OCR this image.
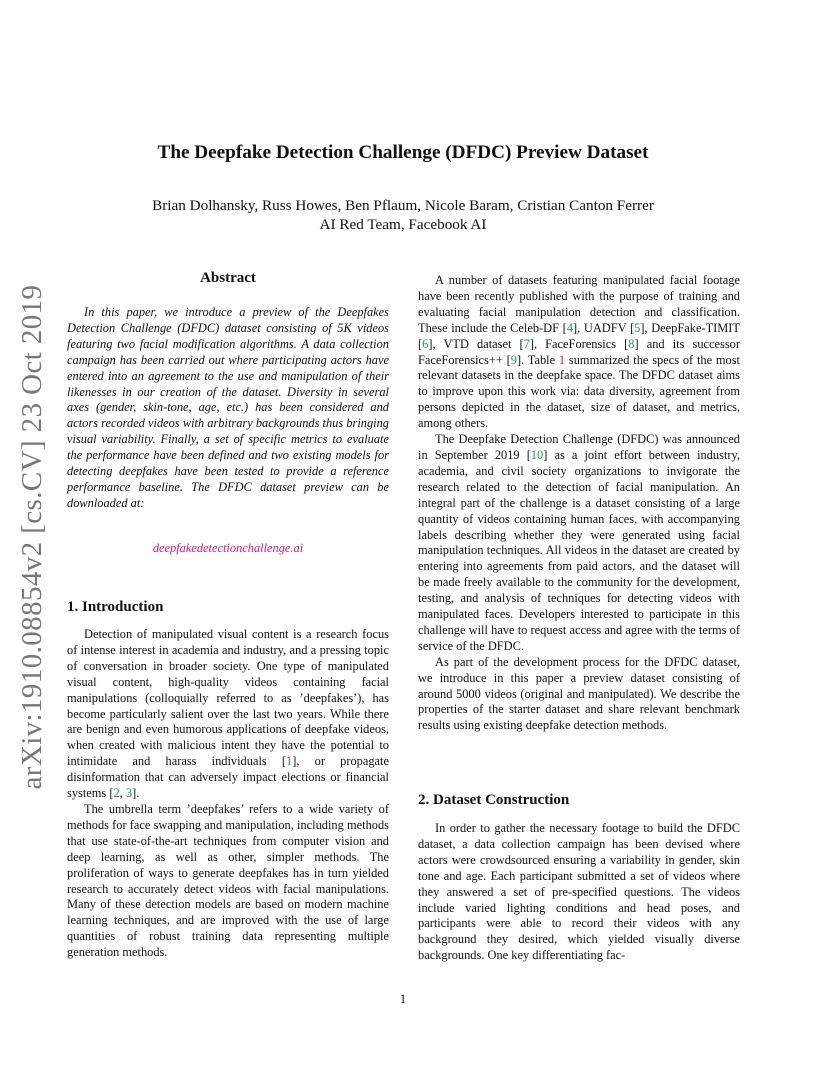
arXiv:1910.08854v2 [cs.CV] 23 Oct 2019
The Deepfake Detection Challenge (DFDC) Preview Dataset
Brian Dolhansky, Russ Howes, Ben Pflaum, Nicole Baram, Cristian Canton Ferrer
AI Red Team, Facebook AI
Abstract

In this paper, we introduce a preview of the Deepfakes Detection Challenge (DFDC) dataset consisting of 5K videos featuring two facial modification algorithms. A data collection campaign has been carried out where participating actors have entered into an agreement to the use and manipulation of their likenesses in our creation of the dataset. Diversity in several axes (gender, skin-tone, age, etc.) has been considered and actors recorded videos with arbitrary backgrounds thus bringing visual variability. Finally, a set of specific metrics to evaluate the performance have been defined and two existing models for detecting deepfakes have been tested to provide a reference performance baseline. The DFDC dataset preview can be downloaded at:

deepfakedetectionchallenge.ai
1. Introduction

Detection of manipulated visual content is a research focus of intense interest in academia and industry, and a pressing topic of conversation in broader society. One type of manipulated visual content, high-quality videos containing facial manipulations (colloquially referred to as ’deepfakes’), has become particularly salient over the last two years. While there are benign and even humorous applications of deepfake videos, when created with malicious intent they have the potential to intimidate and harass individuals [1], or propagate disinformation that can adversely impact elections or financial systems [2, 3].

The umbrella term ’deepfakes’ refers to a wide variety of methods for face swapping and manipulation, including methods that use state-of-the-art techniques from computer vision and deep learning, as well as other, simpler methods. The proliferation of ways to generate deepfakes has in turn yielded research to accurately detect videos with facial manipulations. Many of these detection models are based on modern machine learning techniques, and are improved with the use of large quantities of robust training data representing multiple generation methods.

A number of datasets featuring manipulated facial footage have been recently published with the purpose of training and evaluating facial manipulation detection and classification. These include the Celeb-DF [4], UADFV [5], DeepFake-TIMIT [6], VTD dataset [7], FaceForensics [8] and its successor FaceForensics++ [9]. Table 1 summarized the specs of the most relevant datasets in the deepfake space. The DFDC dataset aims to improve upon this work via: data diversity, agreement from persons depicted in the dataset, size of dataset, and metrics, among others.

The Deepfake Detection Challenge (DFDC) was announced in September 2019 [10] as a joint effort between industry, academia, and civil society organizations to invigorate the research related to the detection of facial manipulation. An integral part of the challenge is a dataset consisting of a large quantity of videos containing human faces, with accompanying labels describing whether they were generated using facial manipulation techniques. All videos in the dataset are created by entering into agreements from paid actors, and the dataset will be made freely available to the community for the development, testing, and analysis of techniques for detecting videos with manipulated faces. Developers interested to participate in this challenge will have to request access and agree with the terms of service of the DFDC.

As part of the development process for the DFDC dataset, we introduce in this paper a preview dataset consisting of around 5000 videos (original and manipulated). We describe the properties of the starter dataset and share relevant benchmark results using existing deepfake detection methods.

2. Dataset Construction

In order to gather the necessary footage to build the DFDC dataset, a data collection campaign has been devised where actors were crowdsourced ensuring a variability in gender, skin tone and age. Each participant submitted a set of videos where they answered a set of pre-specified questions. The videos include varied lighting conditions and head poses, and participants were able to record their videos with any background they desired, which yielded visually diverse backgrounds. One key differentiating fac-

1
